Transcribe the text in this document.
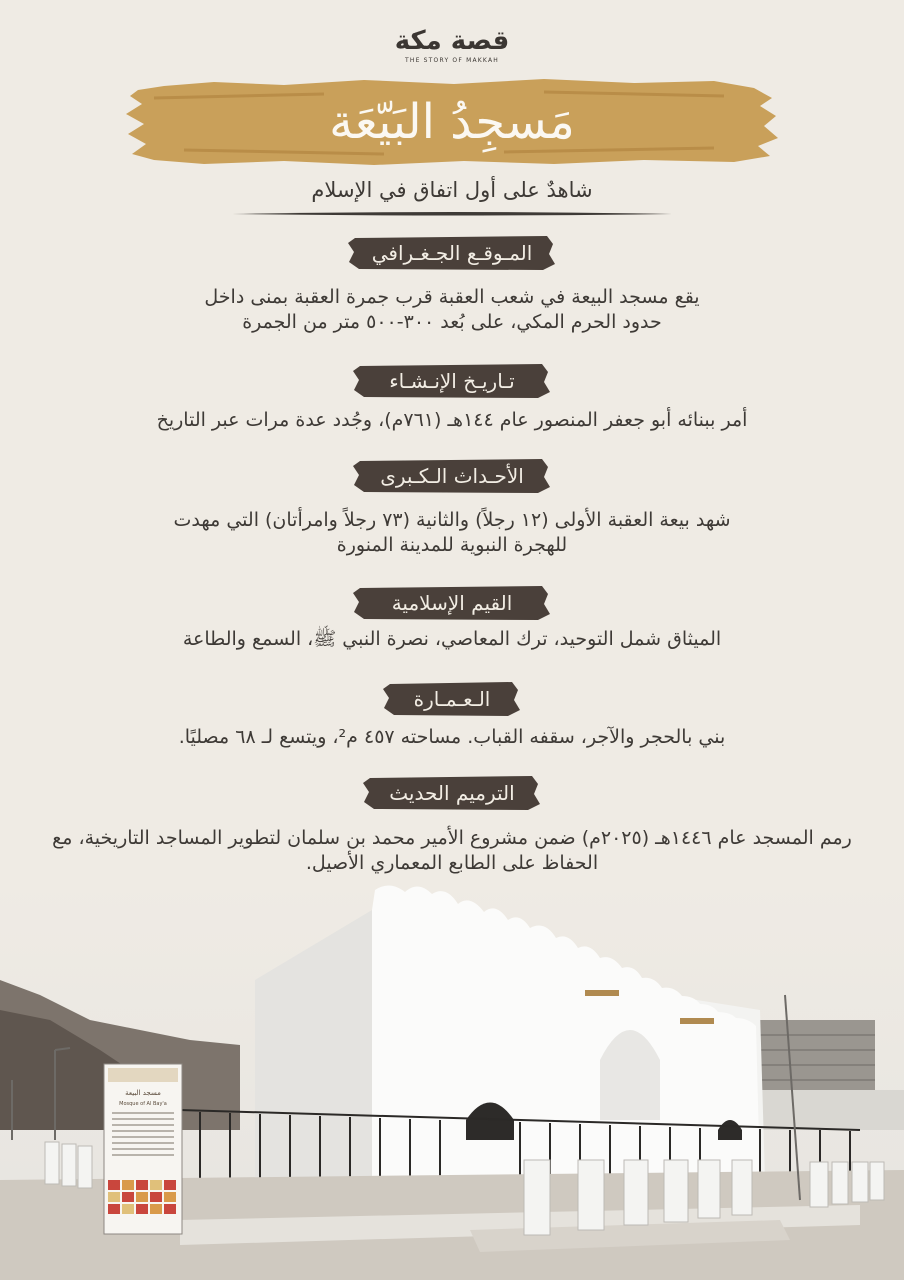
قصة مكة
THE STORY OF MAKKAH
مَسجِدُ البَيّعَة
شاهدٌ على أول اتفاق في الإسلام
المـوقـع الجـغـرافي
يقع مسجد البيعة في شعب العقبة قرب جمرة العقبة بمنى داخل
حدود الحرم المكي، على بُعد ٣٠٠-٥٠٠ متر من الجمرة
تـاريـخ الإنـشـاء
أمر ببنائه أبو جعفر المنصور عام ١٤٤هـ (٧٦١م)، وجُدد عدة مرات عبر التاريخ
الأحـداث الـكـبرى
شهد بيعة العقبة الأولى (١٢ رجلاً) والثانية (٧٣ رجلاً وامرأتان) التي مهدت
للهجرة النبوية للمدينة المنورة
القيم الإسلامية
الميثاق شمل التوحيد، ترك المعاصي، نصرة النبي ﷺ، السمع والطاعة
الـعـمـارة
بني بالحجر والآجر، سقفه القباب. مساحته ٤٥٧ م²، ويتسع لـ ٦٨ مصليًا.
الترميم الحديث
رمم المسجد عام ١٤٤٦هـ (٢٠٢٥م) ضمن مشروع الأمير محمد بن سلمان لتطوير المساجد التاريخية، مع
الحفاظ على الطابع المعماري الأصيل.
مسجد البيعة
Mosque of Al Bay'a
